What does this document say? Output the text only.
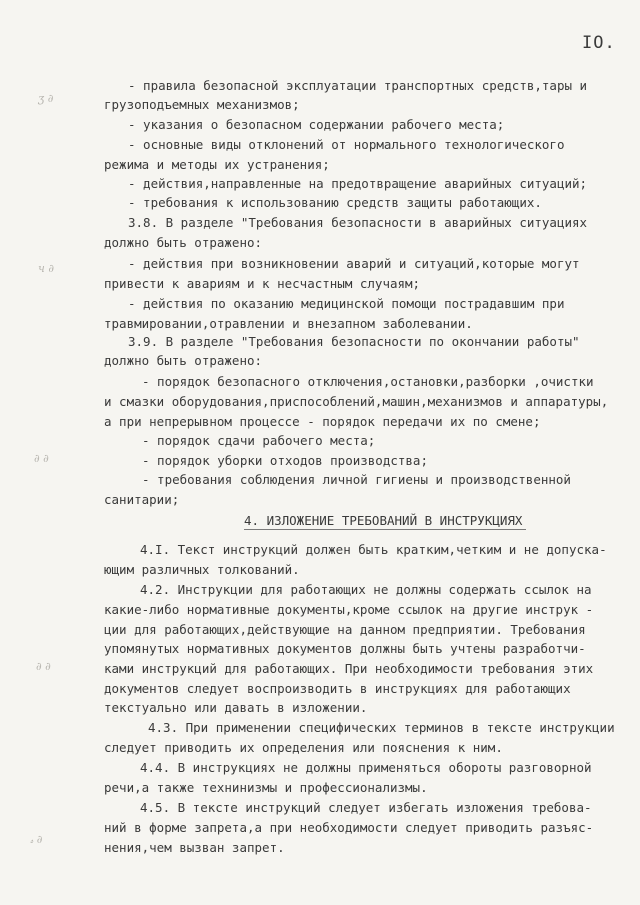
IO.
- правила безопасной эксплуатации транспортных средств,тары и
грузоподъемных механизмов;
- указания о безопасном содержании рабочего места;
- основные виды отклонений от нормального технологического
режима и методы их устранения;
- действия,направленные на предотвращение аварийных ситуаций;
- требования к использованию средств защиты работающих.
3.8. В разделе "Требования безопасности в аварийных ситуациях
должно быть отражено:
- действия при возникновении аварий и ситуаций,которые могут
привести к авариям и к несчастным случаям;
- действия по оказанию медицинской помощи пострадавшим при
травмировании,отравлении и внезапном заболевании.
3.9. В разделе "Требования безопасности по окончании работы"
должно быть отражено:
- порядок безопасного отключения,остановки,разборки ,очистки
и смазки оборудования,приспособлений,машин,механизмов и аппаратуры,
а при непрерывном процессе - порядок передачи их по смене;
- порядок сдачи рабочего места;
- порядок уборки отходов производства;
- требования соблюдения личной гигиены и производственной
санитарии;
4.I. Текст инструкций должен быть кратким,четким и не допуска-
ющим различных толкований.
4.2. Инструкции для работающих не должны содержать ссылок на
какие-либо нормативные документы,кроме ссылок на другие инструк -
ции для работающих,действующие на данном предприятии. Требования
упомянутых нормативных документов должны быть учтены разработчи-
ками инструкций для работающих. При необходимости требования этих
документов следует воспроизводить в инструкциях для работающих
текстуально или давать в изложении.
4.3. При применении специфических терминов в тексте инструкции
следует приводить их определения или пояснения к ним.
4.4. В инструкциях не должны применяться обороты разговорной
речи,а также технинизмы и профессионализмы.
4.5. В тексте инструкций следует избегать изложения требова-
ний в форме запрета,а при необходимости следует приводить разъяс-
нения,чем вызван запрет.
4. ИЗЛОЖЕНИЕ ТРЕБОВАНИЙ В ИНСТРУКЦИЯХ
ʒ ∂
ч ∂
∂ ∂
∂ ∂
ﮦ ∂
